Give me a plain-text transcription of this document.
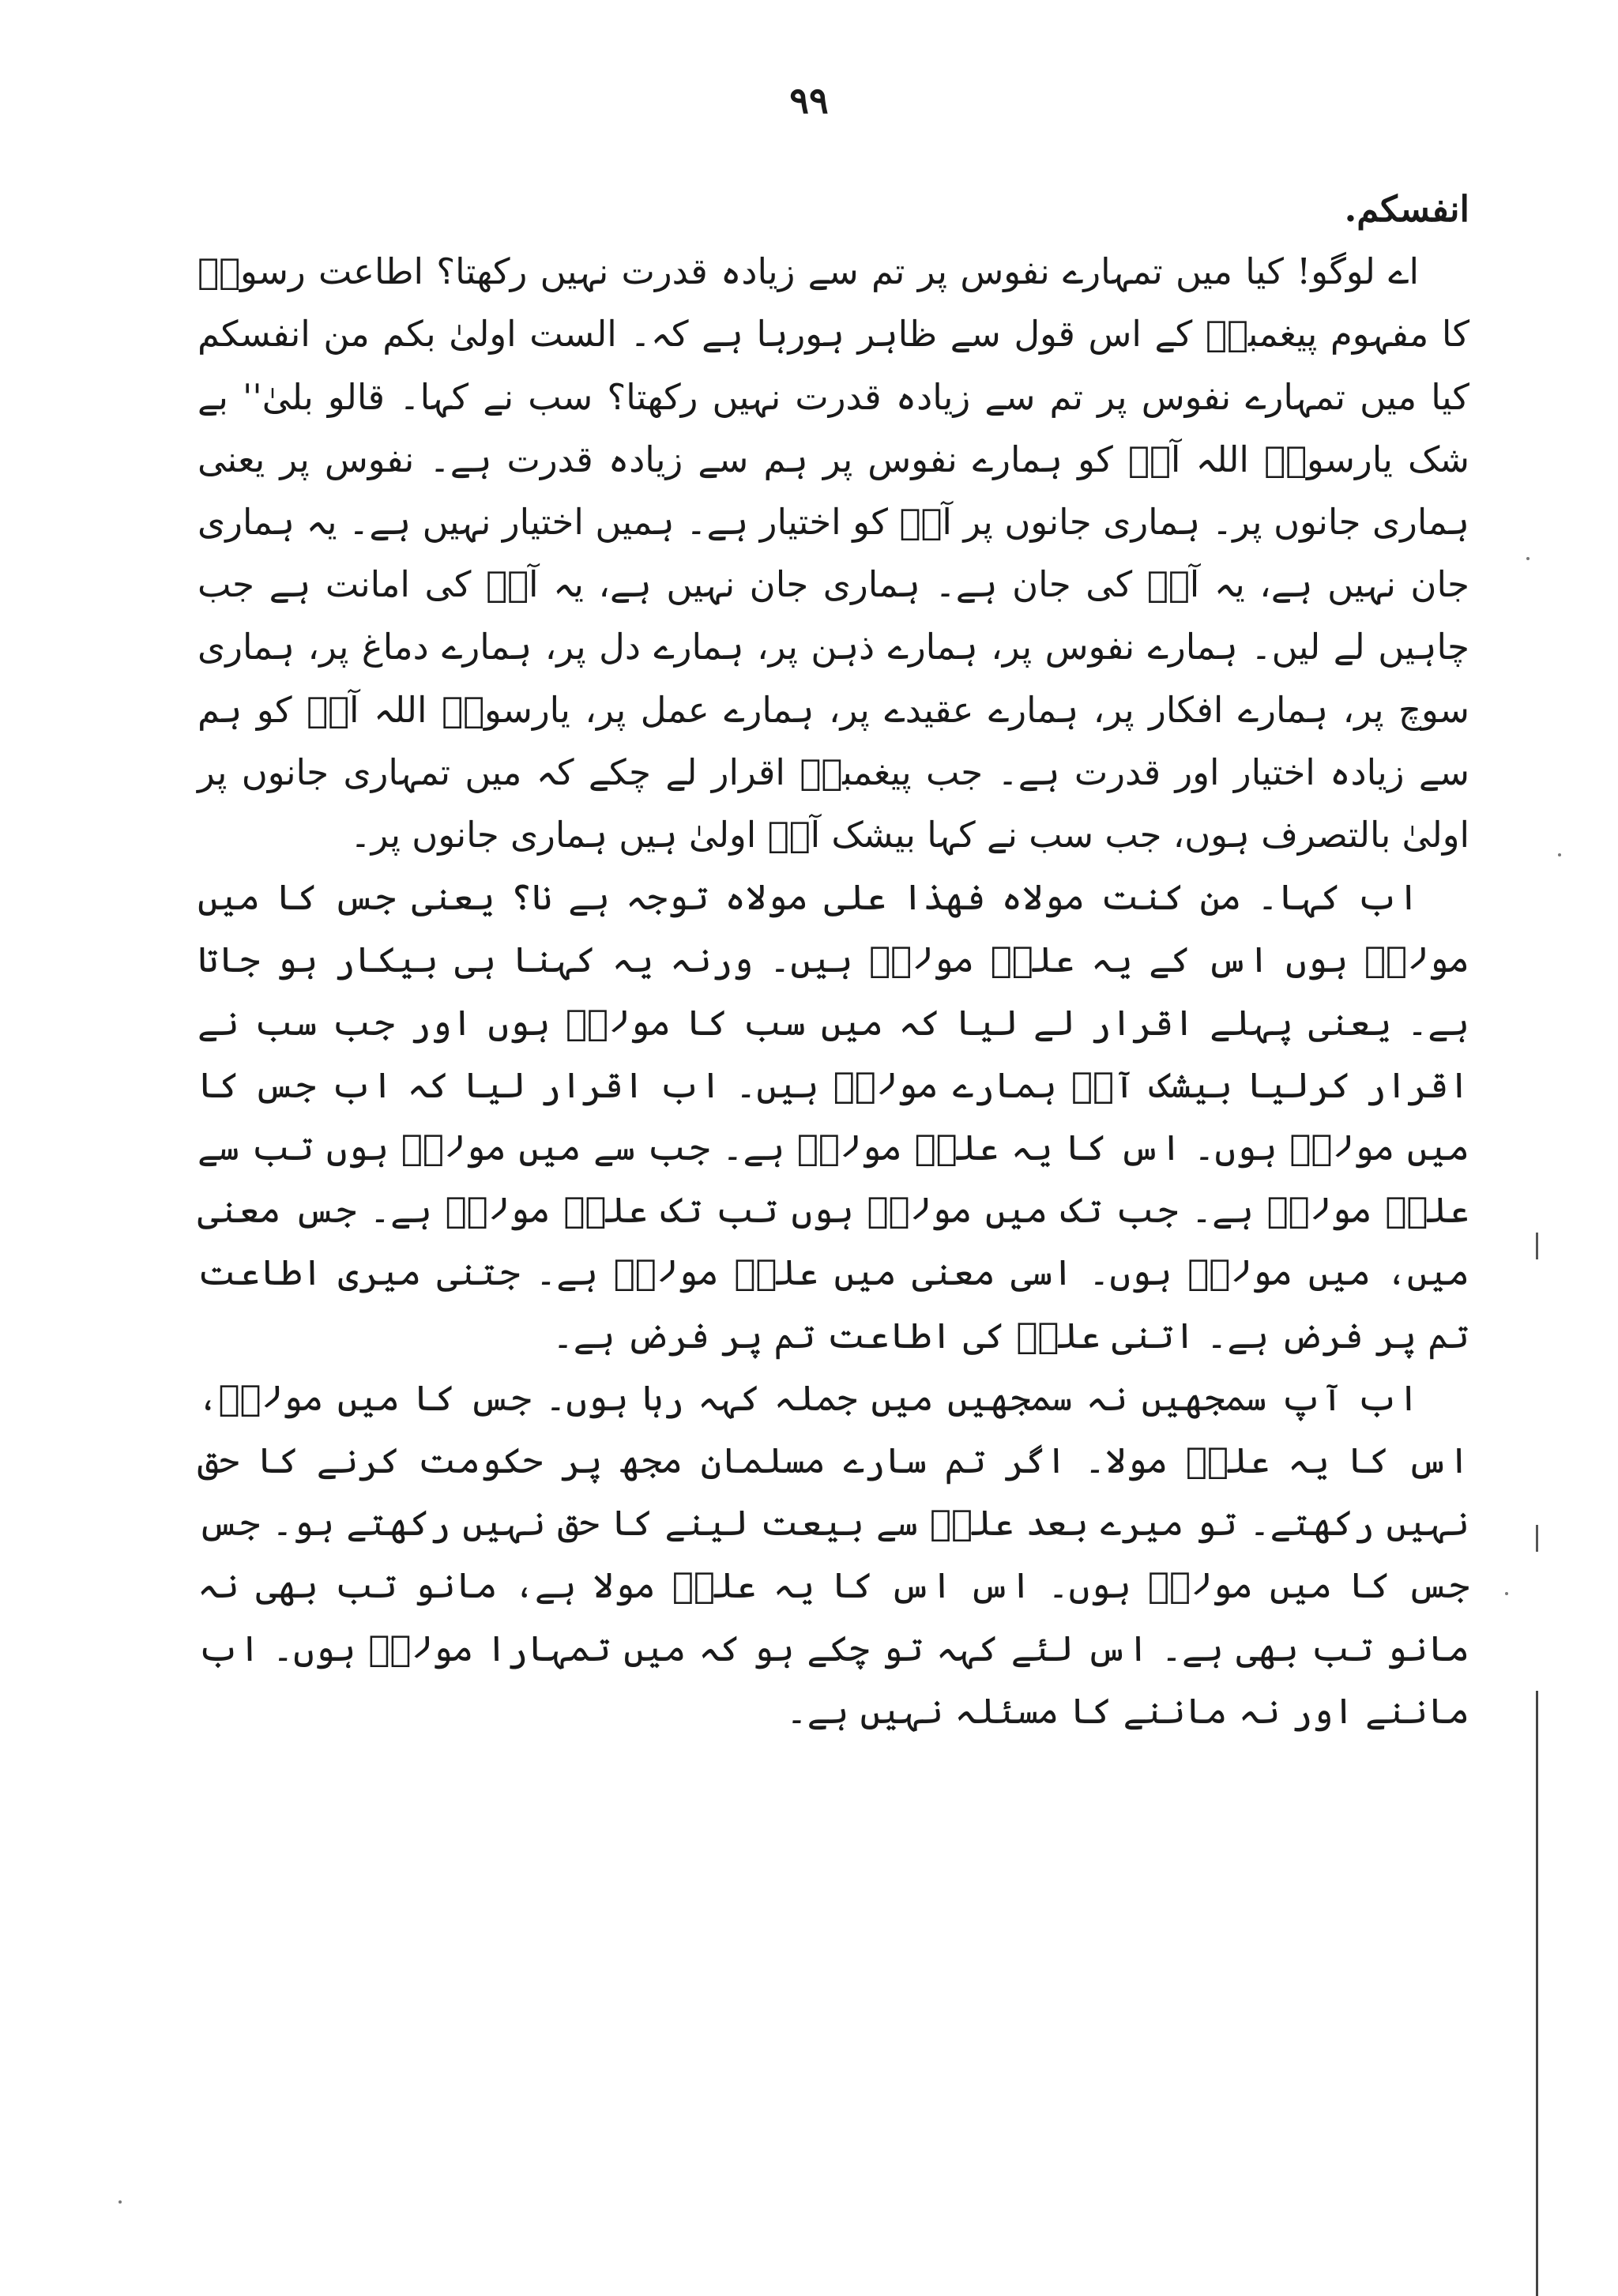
٩٩

انفسکم.

اے لوگو! کیا میں تمہارے نفوس پر تم سے زیادہ قدرت نہیں رکھتا؟ اطاعت رسولؐ کا مفہوم پیغمبرؐ کے اس قول سے ظاہر ہورہا ہے کہ۔ الست اولیٰ بکم من انفسکم کیا میں تمہارے نفوس پر تم سے زیادہ قدرت نہیں رکھتا؟ سب نے کہا۔ قالو بلیٰ'' بے شک یارسولؐ اللہ آپؐ کو ہمارے نفوس پر ہم سے زیادہ قدرت ہے۔ نفوس پر یعنی ہماری جانوں پر۔ ہماری جانوں پر آپؐ کو اختیار ہے۔ ہمیں اختیار نہیں ہے۔ یہ ہماری جان نہیں ہے، یہ آپؐ کی جان ہے۔ ہماری جان نہیں ہے، یہ آپؐ کی امانت ہے جب چاہیں لے لیں۔ ہمارے نفوس پر، ہمارے ذہن پر، ہمارے دل پر، ہمارے دماغ پر، ہماری سوچ پر، ہمارے افکار پر، ہمارے عقیدے پر، ہمارے عمل پر، یارسولؐ اللہ آپؐ کو ہم سے زیادہ اختیار اور قدرت ہے۔ جب پیغمبرؐ اقرار لے چکے کہ میں تمہاری جانوں پر اولیٰ بالتصرف ہوں، جب سب نے کہا بیشک آپؐ اولیٰ ہیں ہماری جانوں پر۔

اب کہا۔ من کنت مولاہ فھذا علی مولاہ توجہ ہے نا؟ یعنی جس کا میں مولاؐ ہوں اس کے یہ علیؑ مولاؑ ہیں۔ ورنہ یہ کہنا ہی بیکار ہو جاتا ہے۔ یعنی پہلے اقرار لے لیا کہ میں سب کا مولاؐ ہوں اور جب سب نے اقرار کرلیا بیشک آپؐ ہمارے مولاؐ ہیں۔ اب اقرار لیا کہ اب جس کا میں مولاؐ ہوں۔ اس کا یہ علیؑ مولاؑ ہے۔ جب سے میں مولاؐ ہوں تب سے علیؑ مولاؑ ہے۔ جب تک میں مولاؐ ہوں تب تک علیؑ مولاؑ ہے۔ جس معنی میں، میں مولاؐ ہوں۔ اسی معنی میں علیؑ مولاؑ ہے۔ جتنی میری اطاعت تم پر فرض ہے۔ اتنی علیؑ کی اطاعت تم پر فرض ہے۔

اب آپ سمجھیں نہ سمجھیں میں جملہ کہہ رہا ہوں۔ جس کا میں مولاؐ، اس کا یہ علیؑ مولا۔ اگر تم سارے مسلمان مجھ پر حکومت کرنے کا حق نہیں رکھتے۔ تو میرے بعد علیؑ سے بیعت لینے کا حق نہیں رکھتے ہو۔ جس جس کا میں مولاؐ ہوں۔ اس اس کا یہ علیؑ مولا ہے، مانو تب بھی نہ مانو تب بھی ہے۔ اس لئے کہہ تو چکے ہو کہ میں تمہارا مولاؐ ہوں۔ اب ماننے اور نہ ماننے کا مسئلہ نہیں ہے۔
